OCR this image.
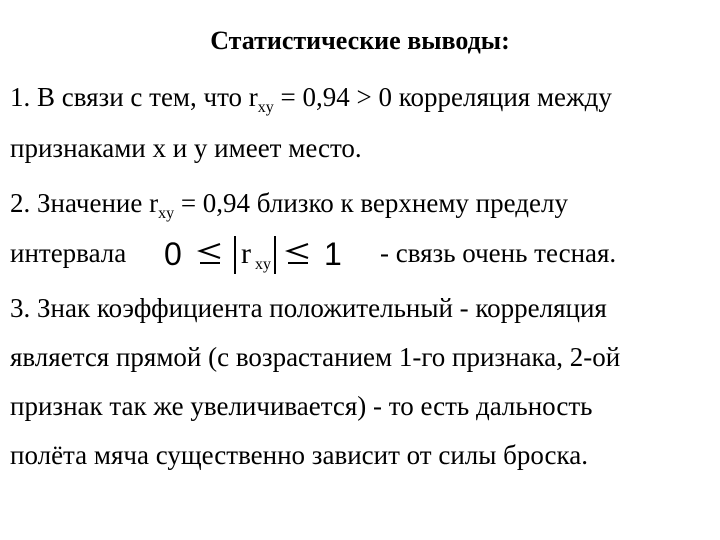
Статистические выводы:
1. В связи с тем, что $r_{xy} = 0,94 > 0$ корреляция между
признаками x и y имеет место.
2. Значение $r_{xy} = 0,94$ близко к верхнему пределу
интервала 0 r xy 1 - связь очень тесная.
3. Знак коэффициента положительный - корреляция
является прямой (с возрастанием 1-го признака, 2-ой
признак так же увеличивается) - то есть дальность
полёта мяча существенно зависит от силы броска.
